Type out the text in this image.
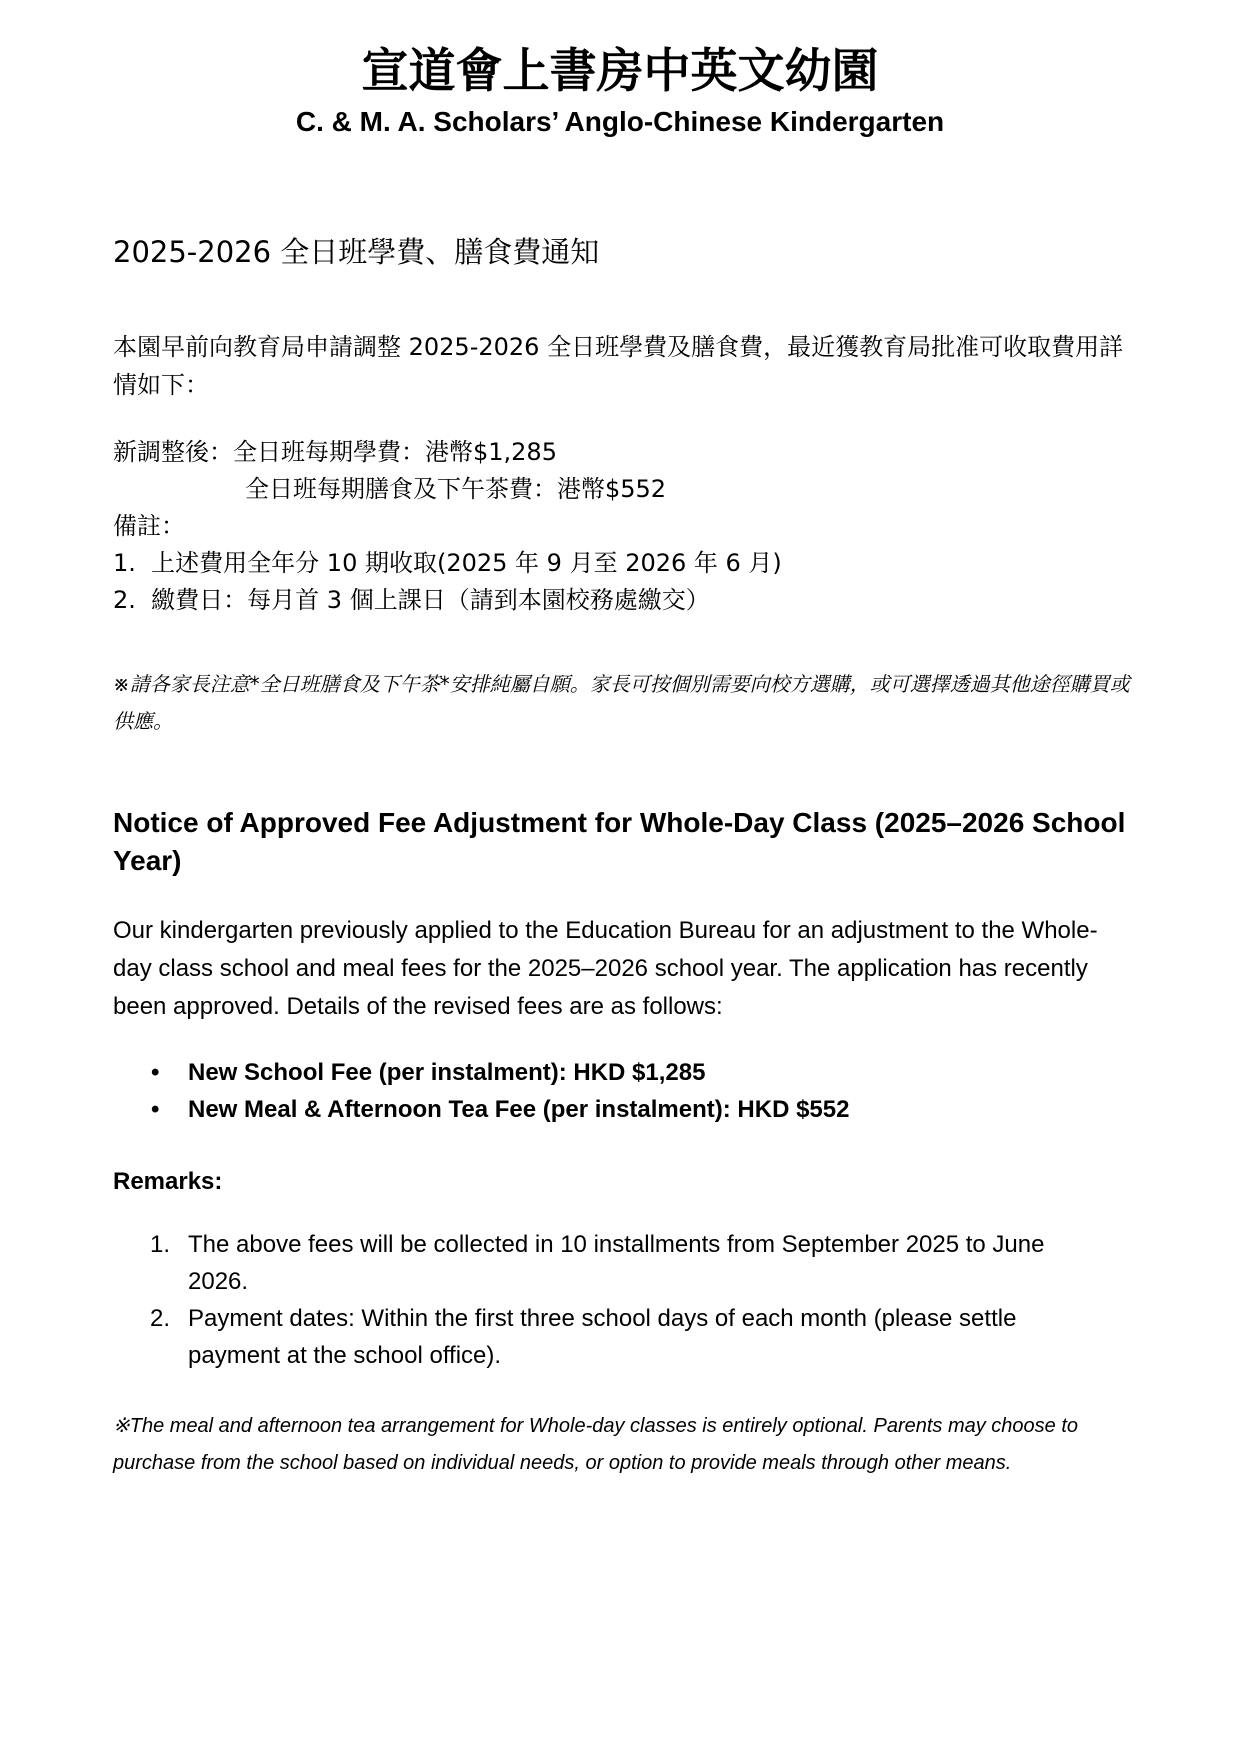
宣道會上書房中英文幼園
C. & M. A. Scholars’ Anglo-Chinese Kindergarten
2025-2026 全日班學費、膳食費通知
本園早前向教育局申請調整 2025-2026 全日班學費及膳食費，最近獲教育局批准可收取費用詳情如下：
新調整後：全日班每期學費：港幣$1,285
全日班每期膳食及下午茶費：港幣$552
備註：
1. 上述費用全年分 10 期收取(2025 年 9 月至 2026 年 6 月)
2. 繳費日：每月首 3 個上課日（請到本園校務處繳交）
※請各家長注意*全日班膳食及下午茶*安排純屬自願。家長可按個別需要向校方選購，或可選擇透過其他途徑購買或供應。
Notice of Approved Fee Adjustment for Whole-Day Class (2025–2026 School Year)
Our kindergarten previously applied to the Education Bureau for an adjustment to the Whole-day class school and meal fees for the 2025–2026 school year. The application has recently been approved. Details of the revised fees are as follows:
• New School Fee (per instalment): HKD $1,285
• New Meal & Afternoon Tea Fee (per instalment): HKD $552
Remarks:
1. The above fees will be collected in 10 installments from September 2025 to June 2026.
2. Payment dates: Within the first three school days of each month (please settle payment at the school office).
※The meal and afternoon tea arrangement for Whole-day classes is entirely optional. Parents may choose to purchase from the school based on individual needs, or option to provide meals through other means.
